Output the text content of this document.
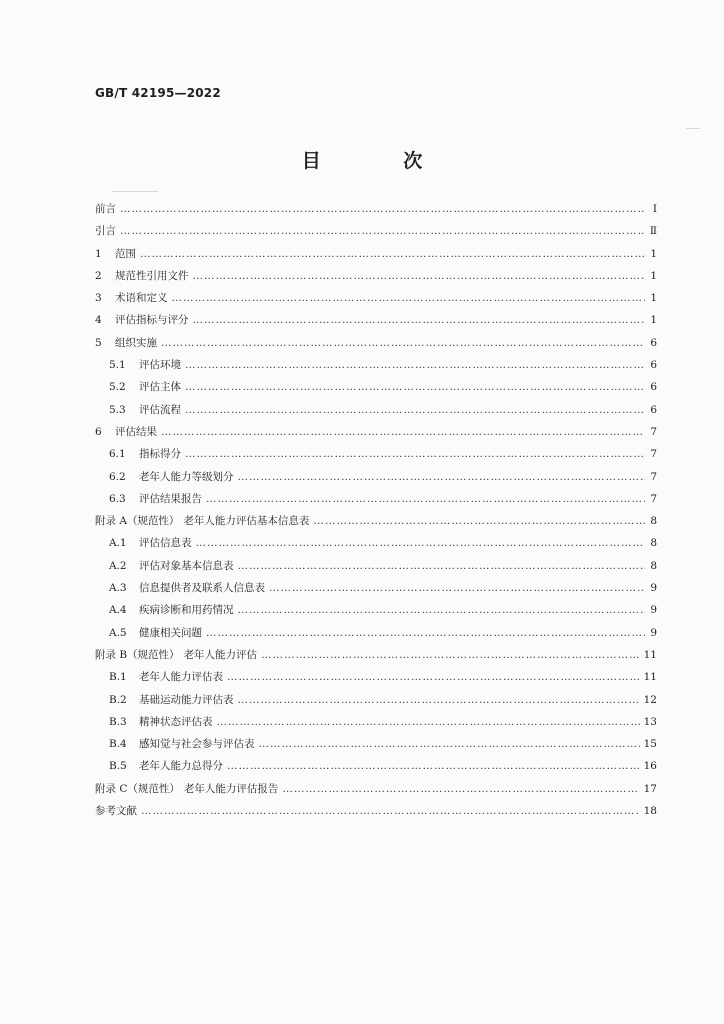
GB/T 42195—2022
目 次
前言 …………………………………………………………………………………………………………………………………………………………………………………………………………	Ⅰ
引言 …………………………………………………………………………………………………………………………………………………………………………………………………………	Ⅱ
1	范围 …………………………………………………………………………………………………………………………………………………………………………………………………………	1
2	规范性引用文件 …………………………………………………………………………………………………………………………………………………………………………………………………………	1
3	术语和定义 …………………………………………………………………………………………………………………………………………………………………………………………………………	1
4	评估指标与评分 …………………………………………………………………………………………………………………………………………………………………………………………………………	1
5	组织实施 …………………………………………………………………………………………………………………………………………………………………………………………………………	6
5.1	评估环境 …………………………………………………………………………………………………………………………………………………………………………………………………………	6
5.2	评估主体 …………………………………………………………………………………………………………………………………………………………………………………………………………	6
5.3	评估流程 …………………………………………………………………………………………………………………………………………………………………………………………………………	6
6	评估结果 …………………………………………………………………………………………………………………………………………………………………………………………………………	7
6.1	指标得分 …………………………………………………………………………………………………………………………………………………………………………………………………………	7
6.2	老年人能力等级划分 …………………………………………………………………………………………………………………………………………………………………………………………………………	7
6.3	评估结果报告 …………………………………………………………………………………………………………………………………………………………………………………………………………	7
附录 A（规范性） 老年人能力评估基本信息表 …………………………………………………………………………………………………………………………………………………………………………………………………………	8
A.1	评估信息表 …………………………………………………………………………………………………………………………………………………………………………………………………………	8
A.2	评估对象基本信息表 …………………………………………………………………………………………………………………………………………………………………………………………………………	8
A.3	信息提供者及联系人信息表 …………………………………………………………………………………………………………………………………………………………………………………………………………	9
A.4	疾病诊断和用药情况 …………………………………………………………………………………………………………………………………………………………………………………………………………	9
A.5	健康相关问题 …………………………………………………………………………………………………………………………………………………………………………………………………………	9
附录 B（规范性） 老年人能力评估 …………………………………………………………………………………………………………………………………………………………………………………………………………	11
B.1	老年人能力评估表 …………………………………………………………………………………………………………………………………………………………………………………………………………	11
B.2	基础运动能力评估表 …………………………………………………………………………………………………………………………………………………………………………………………………………	12
B.3	精神状态评估表 …………………………………………………………………………………………………………………………………………………………………………………………………………	13
B.4	感知觉与社会参与评估表 …………………………………………………………………………………………………………………………………………………………………………………………………………	15
B.5	老年人能力总得分 …………………………………………………………………………………………………………………………………………………………………………………………………………	16
附录 C（规范性） 老年人能力评估报告 …………………………………………………………………………………………………………………………………………………………………………………………………………	17
参考文献 …………………………………………………………………………………………………………………………………………………………………………………………………………	18
